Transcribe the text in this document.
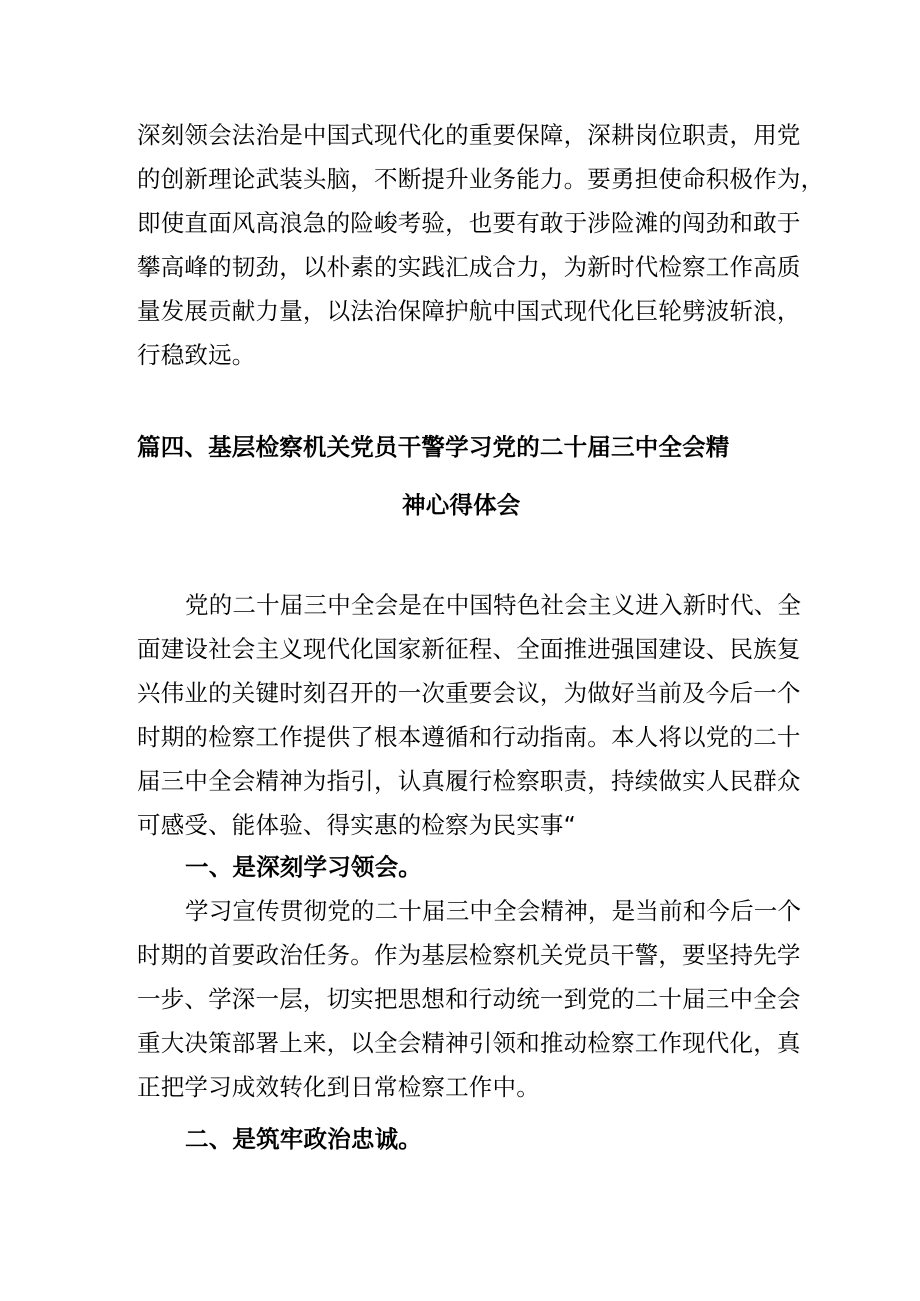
深刻领会法治是中国式现代化的重要保障，深耕岗位职责，用党
的创新理论武装头脑，不断提升业务能力。要勇担使命积极作为，
即使直面风高浪急的险峻考验，也要有敢于涉险滩的闯劲和敢于
攀高峰的韧劲，以朴素的实践汇成合力，为新时代检察工作高质
量发展贡献力量，以法治保障护航中国式现代化巨轮劈波斩浪，
行稳致远。
篇四、基层检察机关党员干警学习党的二十届三中全会精
神心得体会
党的二十届三中全会是在中国特色社会主义进入新时代、全
面建设社会主义现代化国家新征程、全面推进强国建设、民族复
兴伟业的关键时刻召开的一次重要会议，为做好当前及今后一个
时期的检察工作提供了根本遵循和行动指南。本人将以党的二十
届三中全会精神为指引，认真履行检察职责，持续做实人民群众
可感受、能体验、得实惠的检察为民实事“
一、是深刻学习领会。
学习宣传贯彻党的二十届三中全会精神，是当前和今后一个
时期的首要政治任务。作为基层检察机关党员干警，要坚持先学
一步、学深一层，切实把思想和行动统一到党的二十届三中全会
重大决策部署上来，以全会精神引领和推动检察工作现代化，真
正把学习成效转化到日常检察工作中。
二、是筑牢政治忠诚。
